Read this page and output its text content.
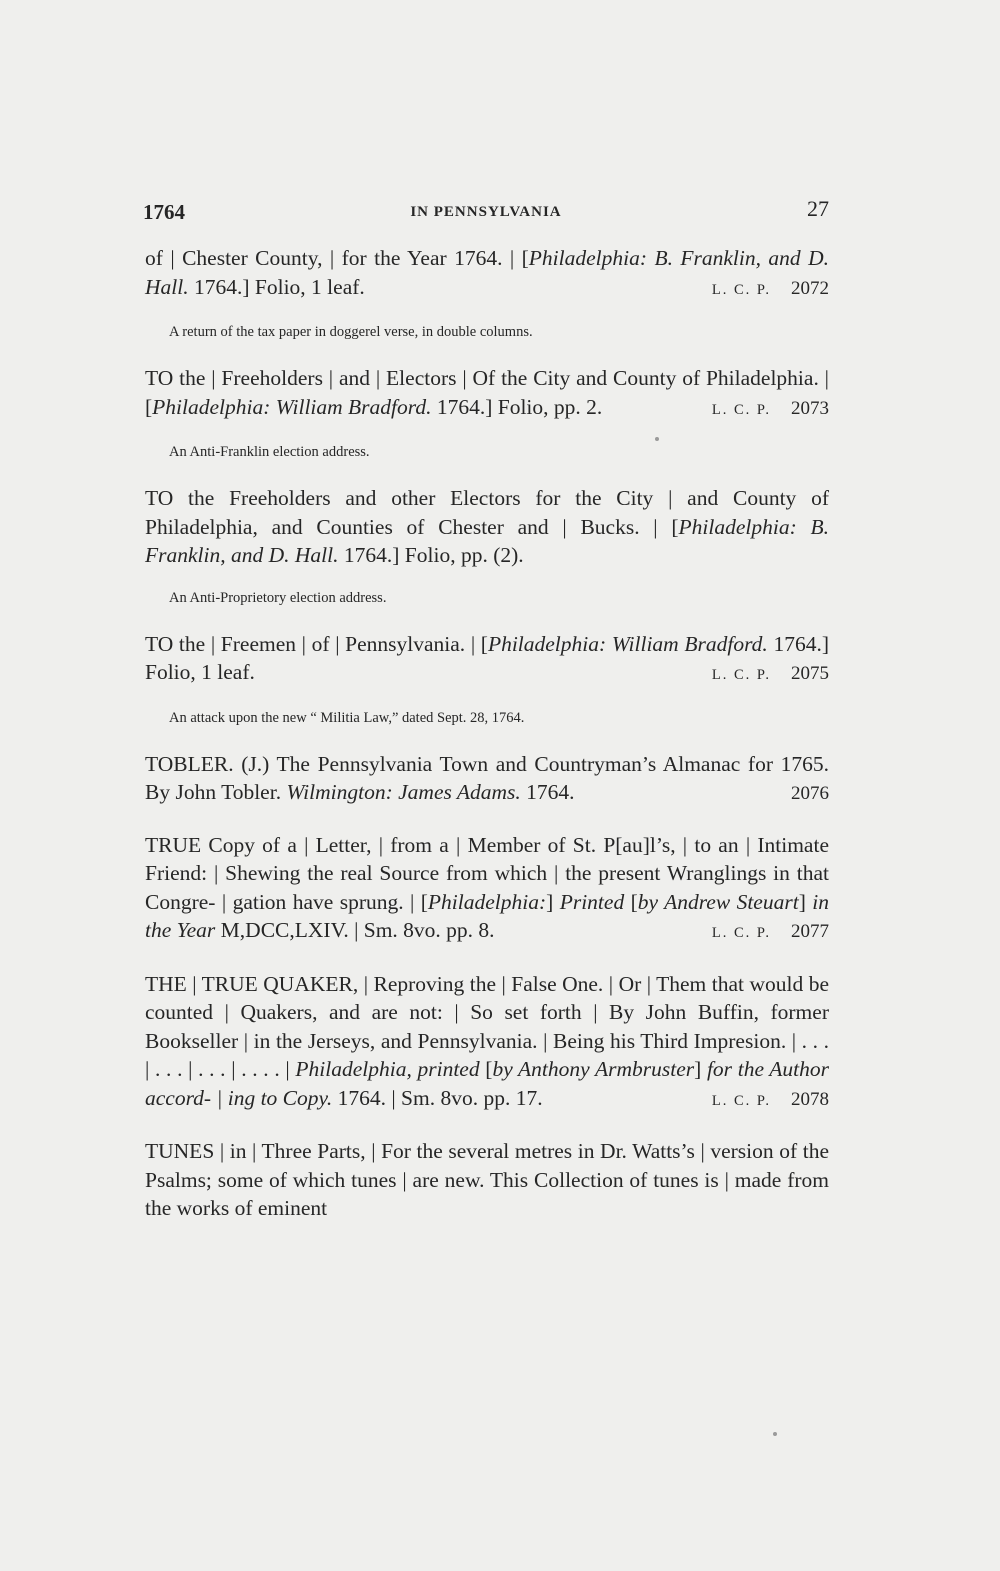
1764	IN PENNSYLVANIA	27

of | Chester County, | for the Year 1764. | [Philadelphia: B. Franklin, and D. Hall. 1764.] Folio, 1 leaf.	L. C. P. 2072

A return of the tax paper in doggerel verse, in double columns.

TO the | Freeholders | and | Electors | Of the City and County of Philadelphia. | [Philadelphia: William Bradford. 1764.] Folio, pp. 2.	L. C. P. 2073

An Anti-Franklin election address.

TO the Freeholders and other Electors for the City | and County of Philadelphia, and Counties of Chester and | Bucks. | [Philadelphia: B. Franklin, and D. Hall. 1764.] Folio, pp. (2).

An Anti-Proprietory election address.

TO the | Freemen | of | Pennsylvania. | [Philadelphia: William Bradford. 1764.] Folio, 1 leaf.	L. C. P. 2075

An attack upon the new “ Militia Law,” dated Sept. 28, 1764.

TOBLER. (J.) The Pennsylvania Town and Countryman’s Almanac for 1765. By John Tobler. Wilmington: James Adams. 1764.	2076

TRUE Copy of a | Letter, | from a | Member of St. P[au]l’s, | to an | Intimate Friend: | Shewing the real Source from which | the present Wranglings in that Congre- | gation have sprung. | [Philadelphia:] Printed [by Andrew Steuart] in the Year M,DCC,LXIV. | Sm. 8vo. pp. 8.	L. C. P. 2077

THE | TRUE QUAKER, | Reproving the | False One. | Or | Them that would be counted | Quakers, and are not: | So set forth | By John Buffin, former Bookseller | in the Jerseys, and Pennsylvania. | Being his Third Impresion. | . . . | . . . | . . . | . . . . | Philadelphia, printed [by Anthony Armbruster] for the Author accord- | ing to Copy. 1764. | Sm. 8vo. pp. 17.	L. C. P. 2078

TUNES | in | Three Parts, | For the several metres in Dr. Watts’s | version of the Psalms; some of which tunes | are new. This Collection of tunes is | made from the works of eminent
